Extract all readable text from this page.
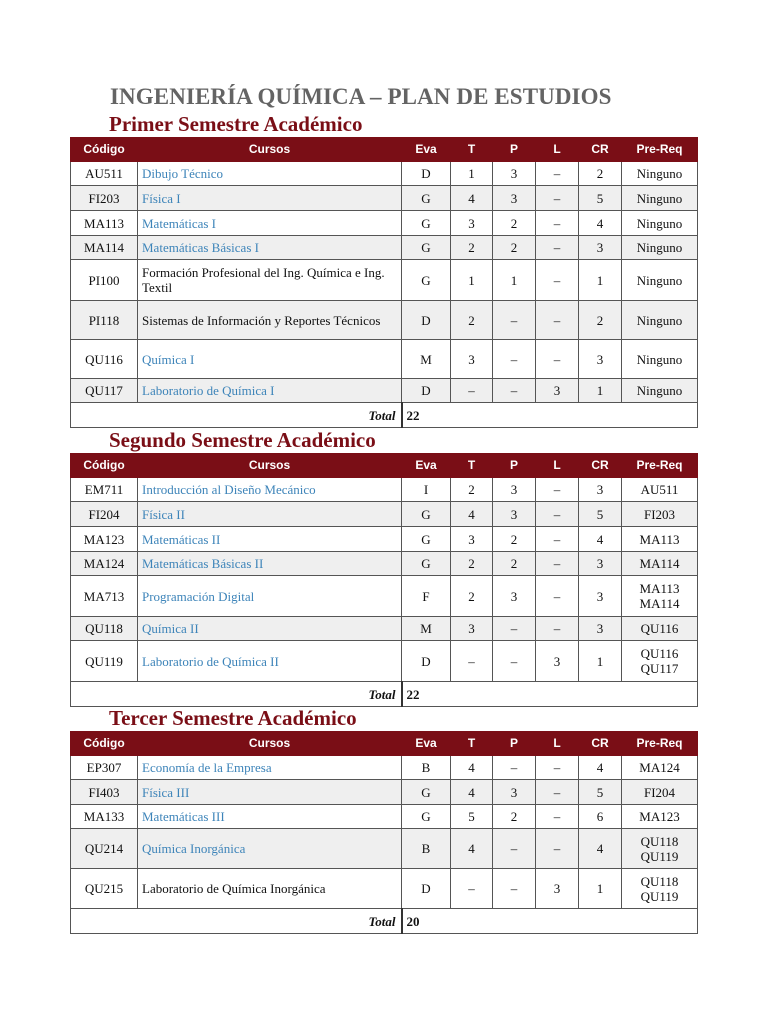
INGENIERÍA QUÍMICA – PLAN DE ESTUDIOS
Primer Semestre Académico
Código	Cursos	Eva	T	P	L	CR	Pre-Req
AU511	Dibujo Técnico	D	1	3	–	2	Ninguno

FI203	Física I	G	4	3	–	5	Ninguno

MA113	Matemáticas I	G	3	2	–	4	Ninguno

MA114	Matemáticas Básicas I	G	2	2	–	3	Ninguno

PI100	Formación Profesional del Ing. Química e Ing. Textil	G	1	1	–	1	Ninguno

PI118	Sistemas de Información y Reportes Técnicos	D	2	–	–	2	Ninguno

QU116	Química I	M	3	–	–	3	Ninguno

QU117	Laboratorio de Química I	D	–	–	3	1	Ninguno

Total		22					
Segundo Semestre Académico
Código	Cursos	Eva	T	P	L	CR	Pre-Req
EM711	Introducción al Diseño Mecánico	I	2	3	–	3	AU511

FI204	Física II	G	4	3	–	5	FI203

MA123	Matemáticas II	G	3	2	–	4	MA113

MA124	Matemáticas Básicas II	G	2	2	–	3	MA114

MA713	Programación Digital	F	2	3	–	3	MA113
MA114

QU118	Química II	M	3	–	–	3	QU116

QU119	Laboratorio de Química II	D	–	–	3	1	QU116
QU117

Total		22					
Tercer Semestre Académico
Código	Cursos	Eva	T	P	L	CR	Pre-Req
EP307	Economía de la Empresa	B	4	–	–	4	MA124

FI403	Física III	G	4	3	–	5	FI204

MA133	Matemáticas III	G	5	2	–	6	MA123

QU214	Química Inorgánica	B	4	–	–	4	QU118
QU119

QU215	Laboratorio de Química Inorgánica	D	–	–	3	1	QU118
QU119

Total		20					
